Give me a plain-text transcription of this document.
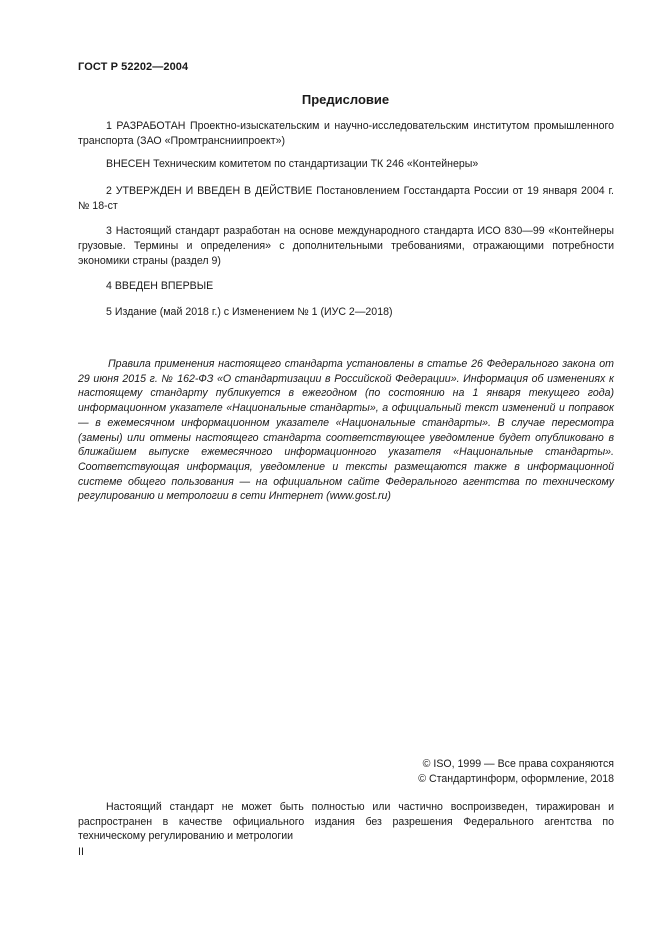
ГОСТ Р 52202—2004
Предисловие
1 РАЗРАБОТАН Проектно-изыскательским и научно-исследовательским институтом промышленного транспорта (ЗАО «Промтрансниипроект»)
ВНЕСЕН Техническим комитетом по стандартизации ТК 246 «Контейнеры»
2 УТВЕРЖДЕН И ВВЕДЕН В ДЕЙСТВИЕ Постановлением Госстандарта России от 19 января 2004 г. № 18-ст
3 Настоящий стандарт разработан на основе международного стандарта ИСО 830—99 «Контейнеры грузовые. Термины и определения» с дополнительными требованиями, отражающими потребности экономики страны (раздел 9)
4 ВВЕДЕН ВПЕРВЫЕ
5 Издание (май 2018 г.) с Изменением № 1 (ИУС 2—2018)
Правила применения настоящего стандарта установлены в статье 26 Федерального закона от 29 июня 2015 г. № 162-ФЗ «О стандартизации в Российской Федерации». Информация об изменениях к настоящему стандарту публикуется в ежегодном (по состоянию на 1 января текущего года) информационном указателе «Национальные стандарты», а официальный текст изменений и поправок — в ежемесячном информационном указателе «Национальные стандарты». В случае пересмотра (замены) или отмены настоящего стандарта соответствующее уведомление будет опубликовано в ближайшем выпуске ежемесячного информационного указателя «Национальные стандарты». Соответствующая информация, уведомление и тексты размещаются также в информационной системе общего пользования — на официальном сайте Федерального агентства по техническому регулированию и метрологии в сети Интернет (www.gost.ru)
© ISO, 1999 — Все права сохраняются
© Стандартинформ, оформление, 2018
Настоящий стандарт не может быть полностью или частично воспроизведен, тиражирован и распространен в качестве официального издания без разрешения Федерального агентства по техническому регулированию и метрологии
II
